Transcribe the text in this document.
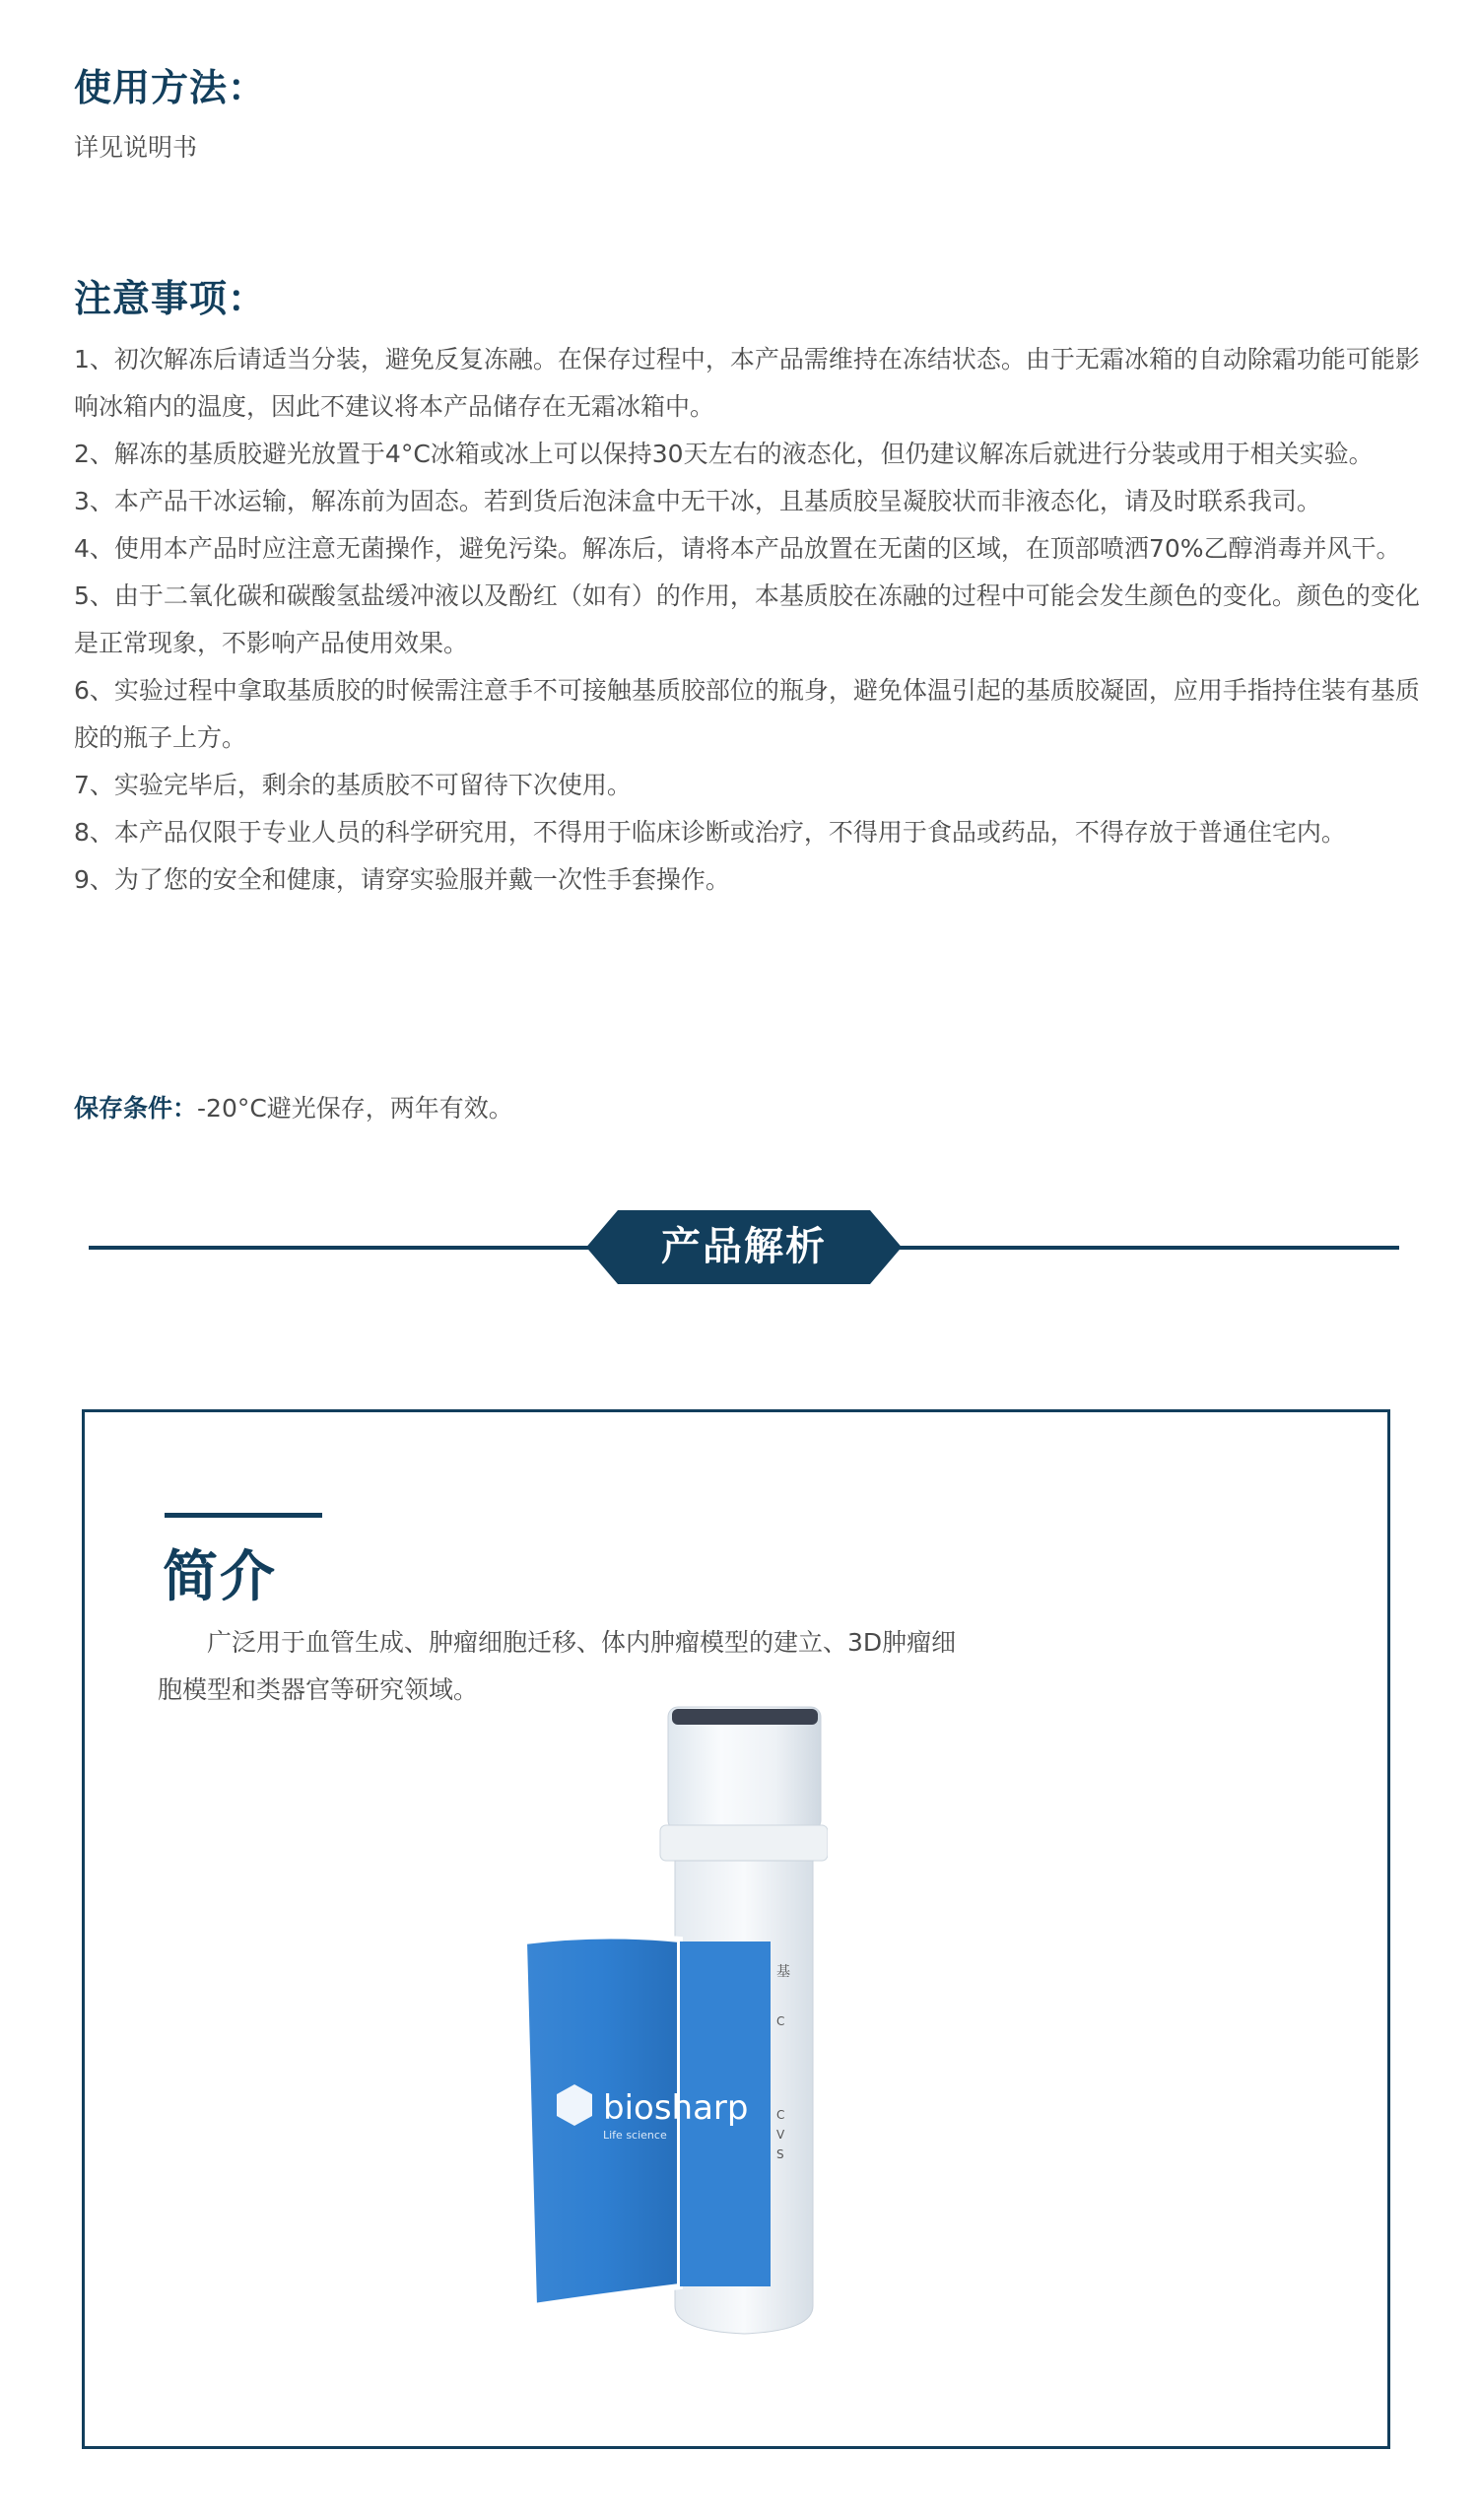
使用方法：
详见说明书
注意事项：
1、初次解冻后请适当分装，避免反复冻融。在保存过程中，本产品需维持在冻结状态。由于无霜冰箱的自动除霜功能可能影响冰箱内的温度，因此不建议将本产品储存在无霜冰箱中。
2、解冻的基质胶避光放置于4°C冰箱或冰上可以保持30天左右的液态化，但仍建议解冻后就进行分装或用于相关实验。
3、本产品干冰运输，解冻前为固态。若到货后泡沫盒中无干冰，且基质胶呈凝胶状而非液态化，请及时联系我司。
4、使用本产品时应注意无菌操作，避免污染。解冻后，请将本产品放置在无菌的区域，在顶部喷洒70%乙醇消毒并风干。
5、由于二氧化碳和碳酸氢盐缓冲液以及酚红（如有）的作用，本基质胶在冻融的过程中可能会发生颜色的变化。颜色的变化是正常现象，不影响产品使用效果。
6、实验过程中拿取基质胶的时候需注意手不可接触基质胶部位的瓶身，避免体温引起的基质胶凝固，应用手指持住装有基质胶的瓶子上方。
7、实验完毕后，剩余的基质胶不可留待下次使用。
8、本产品仅限于专业人员的科学研究用，不得用于临床诊断或治疗，不得用于食品或药品，不得存放于普通住宅内。
9、为了您的安全和健康，请穿实验服并戴一次性手套操作。
保存条件：-20°C避光保存，两年有效。
产品解析
简介
广泛用于血管生成、肿瘤细胞迁移、体内肿瘤模型的建立、3D肿瘤细胞模型和类器官等研究领域。
基
C
C
V
S
biosharp
Life science
